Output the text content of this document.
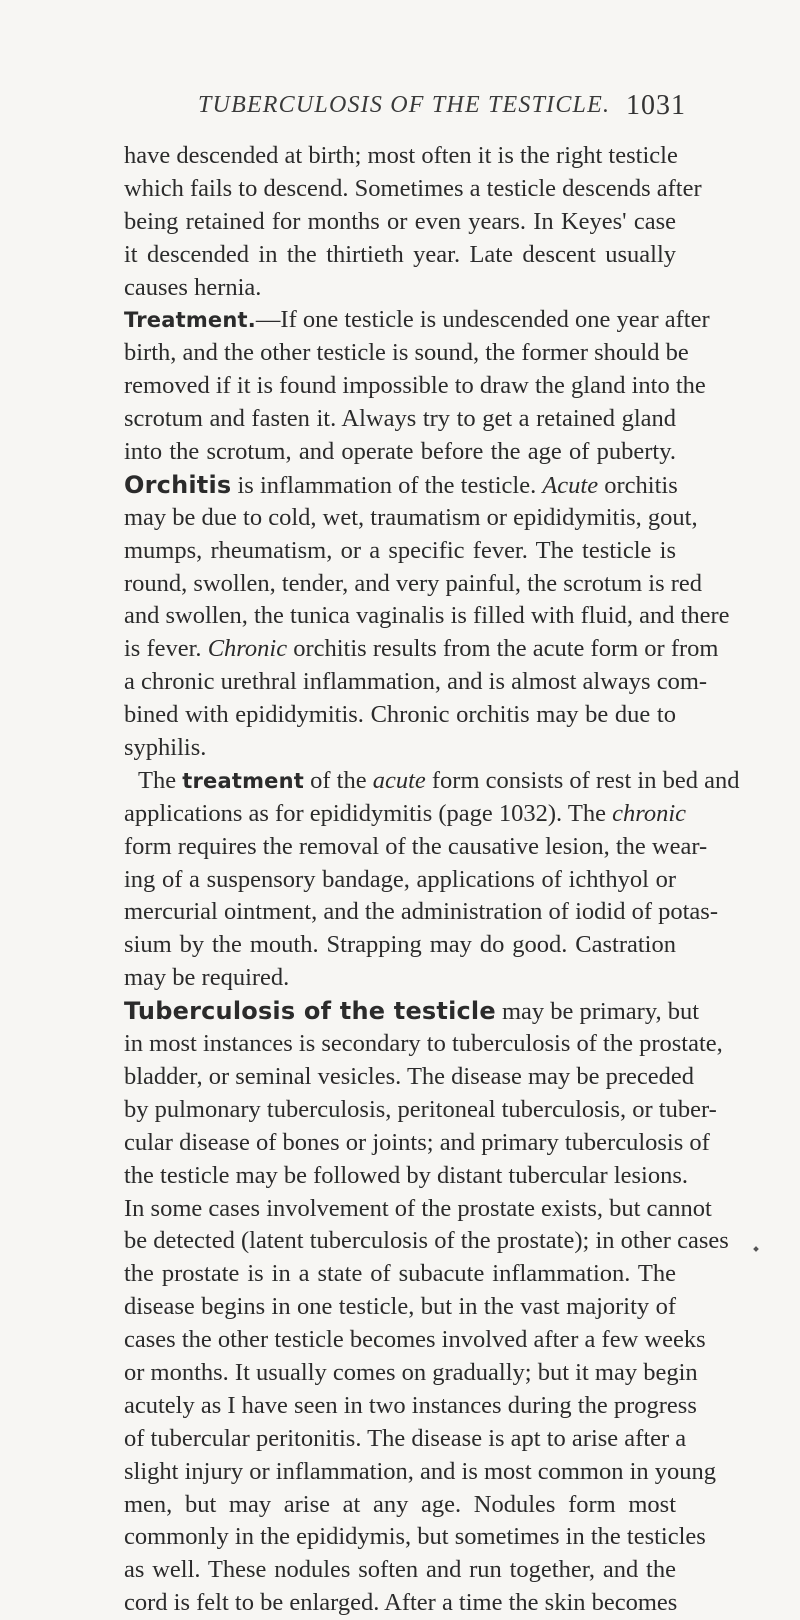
TUBERCULOSIS OF THE TESTICLE. 1031
have descended at birth; most often it is the right testicle
which fails to descend. Sometimes a testicle descends after
being retained for months or even years. In Keyes' case
it descended in the thirtieth year. Late descent usually
causes hernia.
Treatment.—If one testicle is undescended one year after
birth, and the other testicle is sound, the former should be
removed if it is found impossible to draw the gland into the
scrotum and fasten it. Always try to get a retained gland
into the scrotum, and operate before the age of puberty.
Orchitis is inflammation of the testicle. Acute orchitis
may be due to cold, wet, traumatism or epididymitis, gout,
mumps, rheumatism, or a specific fever. The testicle is
round, swollen, tender, and very painful, the scrotum is red
and swollen, the tunica vaginalis is filled with fluid, and there
is fever. Chronic orchitis results from the acute form or from
a chronic urethral inflammation, and is almost always com-
bined with epididymitis. Chronic orchitis may be due to
syphilis.
The treatment of the acute form consists of rest in bed and
applications as for epididymitis (page 1032). The chronic
form requires the removal of the causative lesion, the wear-
ing of a suspensory bandage, applications of ichthyol or
mercurial ointment, and the administration of iodid of potas-
sium by the mouth. Strapping may do good. Castration
may be required.
Tuberculosis of the testicle may be primary, but
in most instances is secondary to tuberculosis of the prostate,
bladder, or seminal vesicles. The disease may be preceded
by pulmonary tuberculosis, peritoneal tuberculosis, or tuber-
cular disease of bones or joints; and primary tuberculosis of
the testicle may be followed by distant tubercular lesions.
In some cases involvement of the prostate exists, but cannot
be detected (latent tuberculosis of the prostate); in other cases
the prostate is in a state of subacute inflammation. The
disease begins in one testicle, but in the vast majority of
cases the other testicle becomes involved after a few weeks
or months. It usually comes on gradually; but it may begin
acutely as I have seen in two instances during the progress
of tubercular peritonitis. The disease is apt to arise after a
slight injury or inflammation, and is most common in young
men, but may arise at any age. Nodules form most
commonly in the epididymis, but sometimes in the testicles
as well. These nodules soften and run together, and the
cord is felt to be enlarged. After a time the skin becomes
